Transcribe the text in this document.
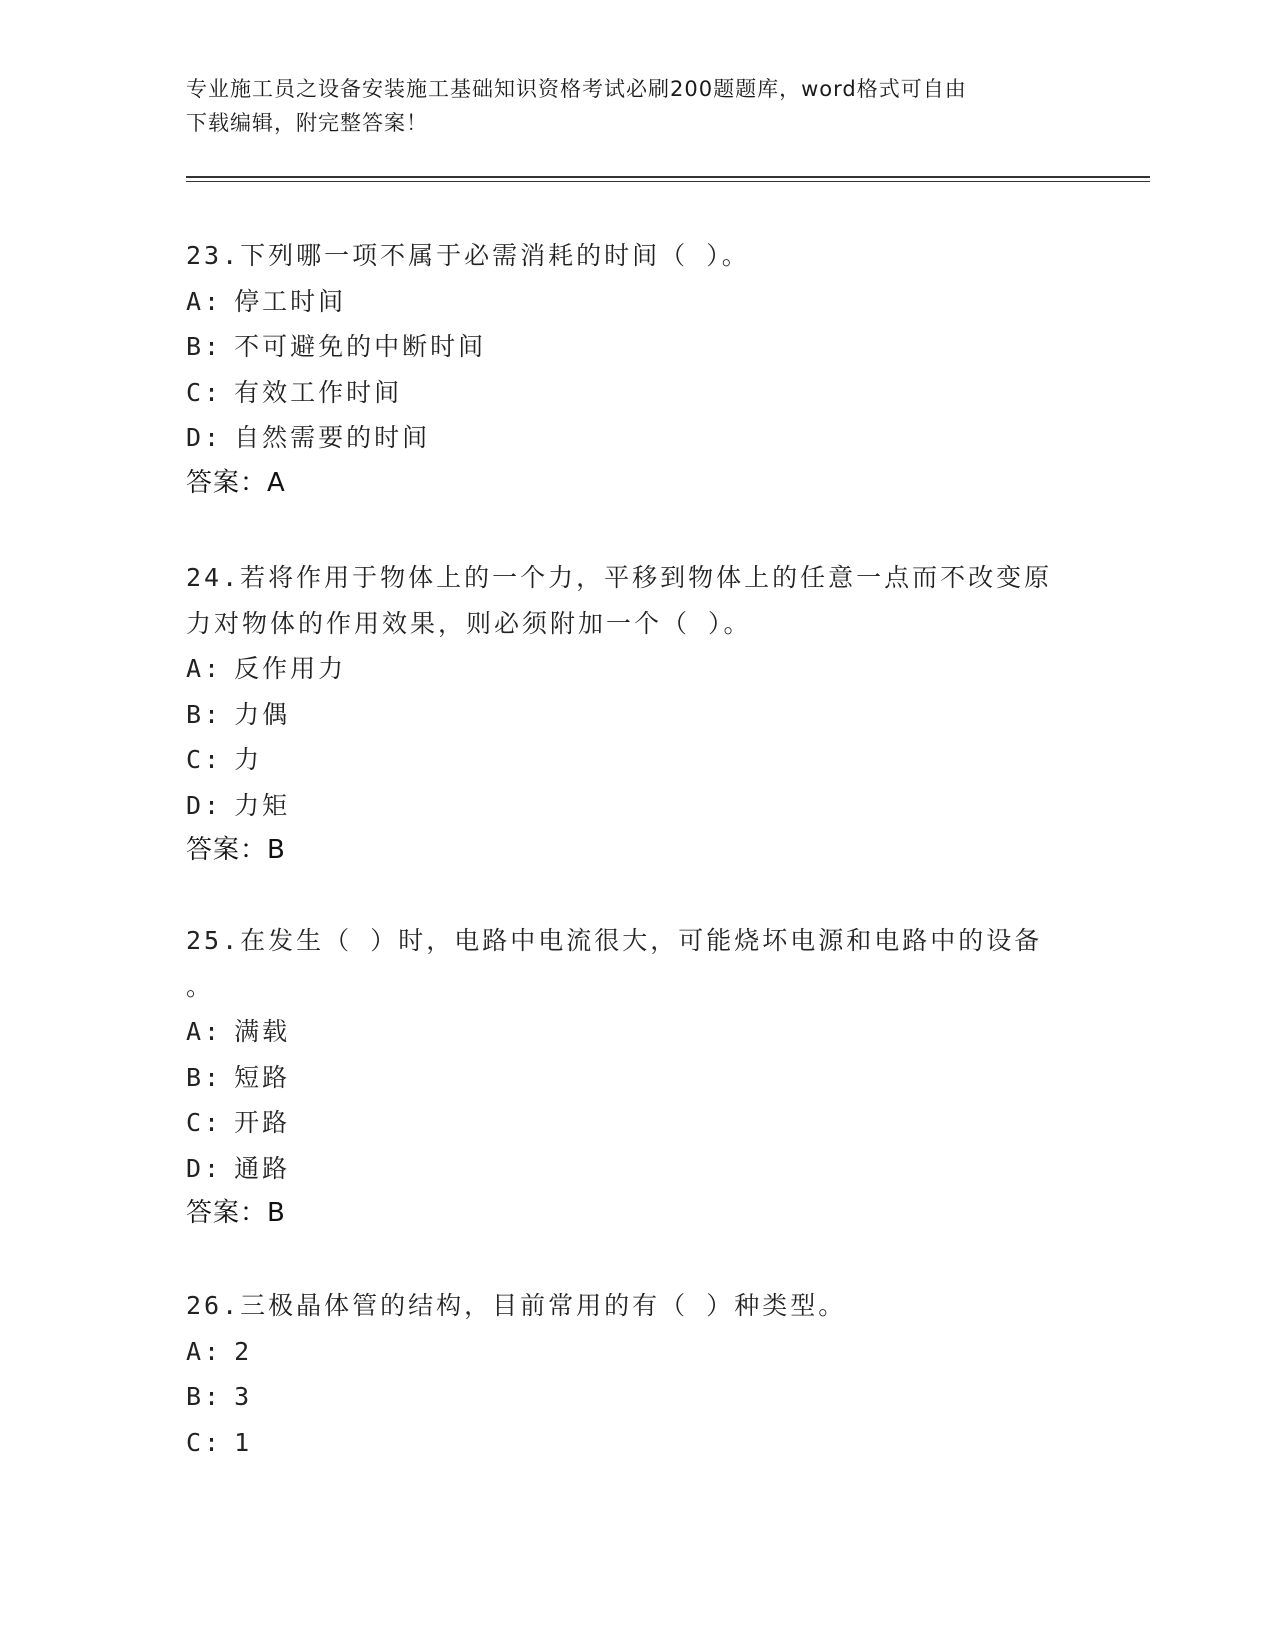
专业施工员之设备安装施工基础知识资格考试必刷200题题库，word格式可自由
下载编辑，附完整答案！
23.下列哪一项不属于必需消耗的时间（ ）。
A: 停工时间
B: 不可避免的中断时间
C: 有效工作时间
D: 自然需要的时间
答案：A
24.若将作用于物体上的一个力，平移到物体上的任意一点而不改变原
力对物体的作用效果，则必须附加一个（ ）。
A: 反作用力
B: 力偶
C: 力
D: 力矩
答案：B
25.在发生（ ）时，电路中电流很大，可能烧坏电源和电路中的设备
。
A: 满载
B: 短路
C: 开路
D: 通路
答案：B
26.三极晶体管的结构，目前常用的有（ ）种类型。
A: 2
B: 3
C: 1
